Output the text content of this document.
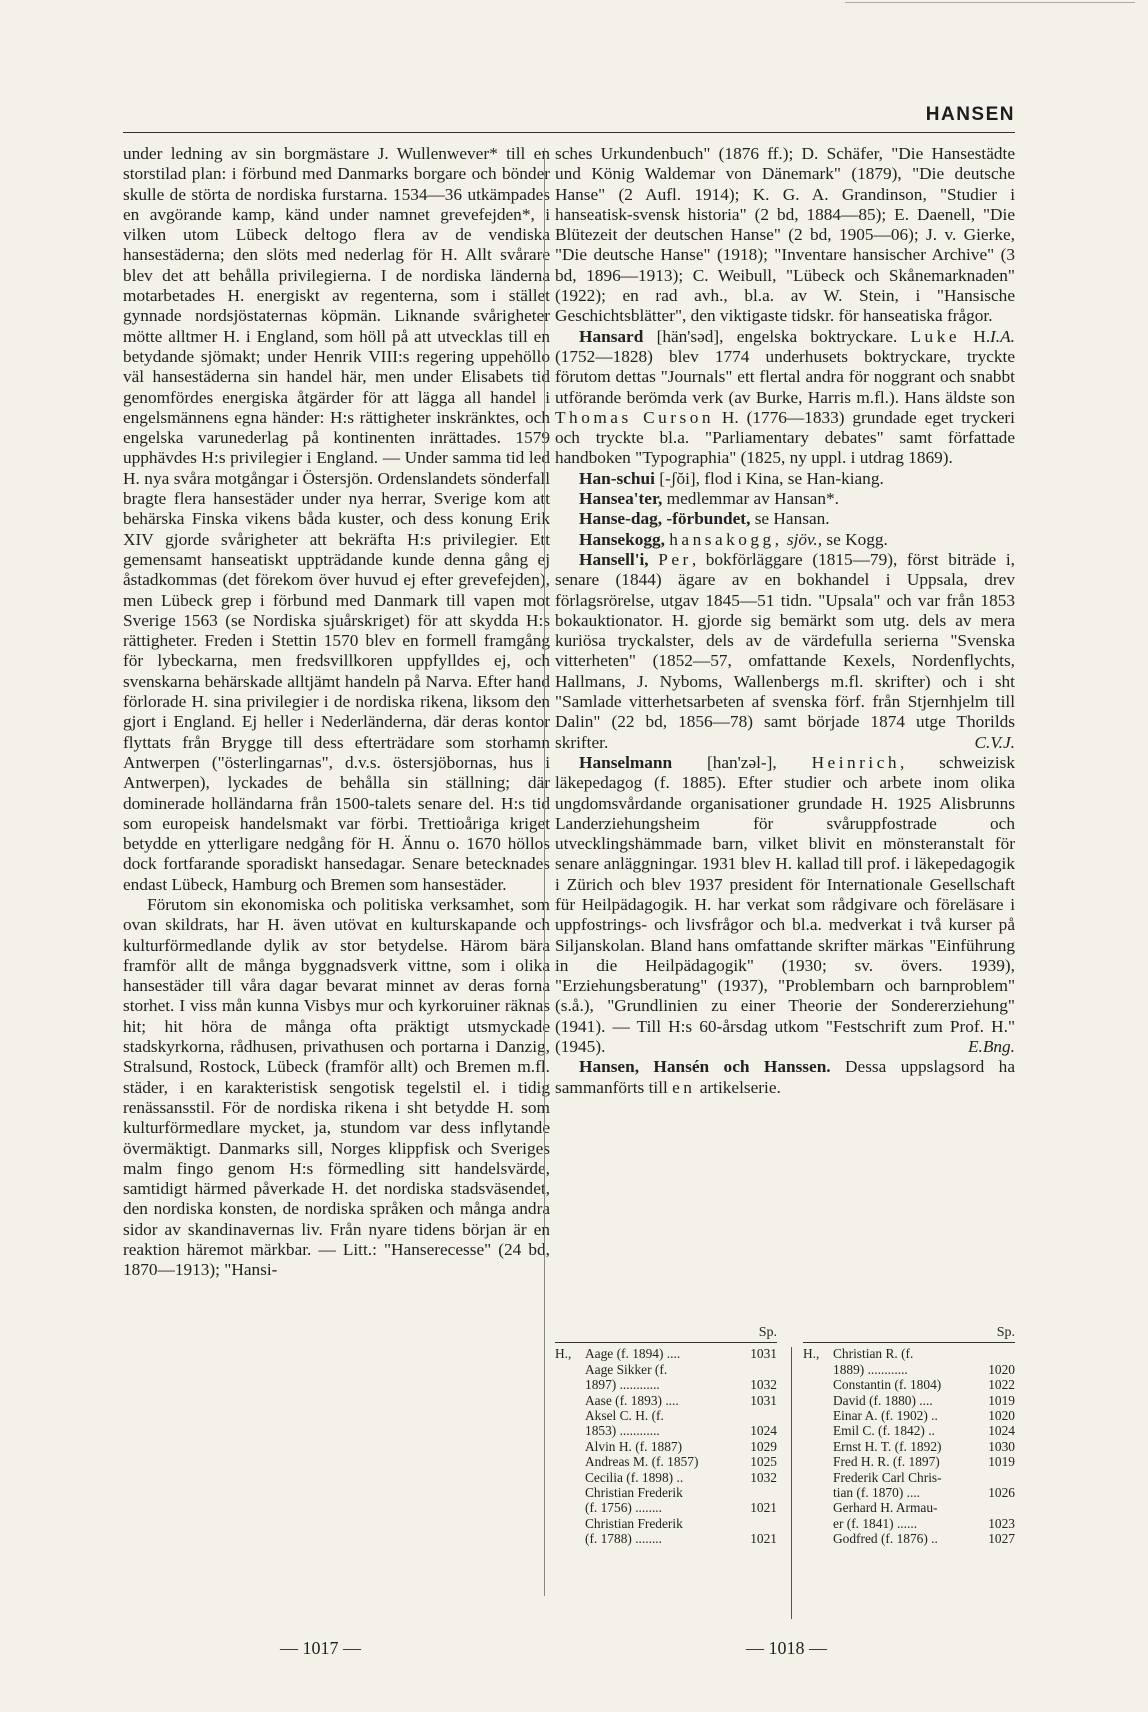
HANSEN

under ledning av sin borgmästare J. Wullenwever* till en storstilad plan: i förbund med Danmarks borgare och bönder skulle de störta de nordiska furstarna. 1534—36 utkämpades en avgörande kamp, känd under namnet grevefejden*, i vilken utom Lübeck deltogo flera av de vendiska hansestäderna; den slöts med nederlag för H. Allt svårare blev det att behålla privilegierna. I de nordiska länderna motarbetades H. energiskt av regenterna, som i stället gynnade nordsjöstaternas köpmän. Liknande svårigheter mötte alltmer H. i England, som höll på att utvecklas till en betydande sjömakt; under Henrik VIII:s regering uppehöllo väl hansestäderna sin handel här, men under Elisabets tid genomfördes energiska åtgärder för att lägga all handel i engelsmännens egna händer: H:s rättigheter inskränktes, och engelska varunederlag på kontinenten inrättades. 1579 upphävdes H:s privilegier i England. — Under samma tid led H. nya svåra motgångar i Östersjön. Ordenslandets sönderfall bragte flera hansestäder under nya herrar, Sverige kom att behärska Finska vikens båda kuster, och dess konung Erik XIV gjorde svårigheter att bekräfta H:s privilegier. Ett gemensamt hanseatiskt uppträdande kunde denna gång ej åstadkommas (det förekom över huvud ej efter grevefejden), men Lübeck grep i förbund med Danmark till vapen mot Sverige 1563 (se Nordiska sjuårskriget) för att skydda H:s rättigheter. Freden i Stettin 1570 blev en formell framgång för lybeckarna, men fredsvillkoren uppfylldes ej, och svenskarna behärskade alltjämt handeln på Narva. Efter hand förlorade H. sina privilegier i de nordiska rikena, liksom den gjort i England. Ej heller i Nederländerna, där deras kontor flyttats från Brygge till dess efterträdare som storhamn Antwerpen ("österlingarnas", d.v.s. östersjöbornas, hus i Antwerpen), lyckades de behålla sin ställning; där dominerade holländarna från 1500-talets senare del. H:s tid som europeisk handelsmakt var förbi. Trettioåriga kriget betydde en ytterligare nedgång för H. Ännu o. 1670 höllos dock fortfarande sporadiskt hansedagar. Senare betecknades endast Lübeck, Hamburg och Bremen som hansestäder.

Förutom sin ekonomiska och politiska verksamhet, som ovan skildrats, har H. även utövat en kulturskapande och kulturförmedlande dylik av stor betydelse. Härom bära framför allt de många byggnadsverk vittne, som i olika hansestäder till våra dagar bevarat minnet av deras forna storhet. I viss mån kunna Visbys mur och kyrkoruiner räknas hit; hit höra de många ofta präktigt utsmyckade stadskyrkorna, rådhusen, privathusen och portarna i Danzig, Stralsund, Rostock, Lübeck (framför allt) och Bremen m.fl. städer, i en karakteristisk sengotisk tegelstil el. i tidig renässansstil. För de nordiska rikena i sht betydde H. som kulturförmedlare mycket, ja, stundom var dess inflytande övermäktigt. Danmarks sill, Norges klippfisk och Sveriges malm fingo genom H:s förmedling sitt handelsvärde, samtidigt härmed påverkade H. det nordiska stadsväsendet, den nordiska konsten, de nordiska språken och många andra sidor av skandinavernas liv. Från nyare tidens början är en reaktion häremot märkbar. — Litt.: "Hanserecesse" (24 bd, 1870—1913); "Hansi-

sches Urkundenbuch" (1876 ff.); D. Schäfer, "Die Hansestädte und König Waldemar von Dänemark" (1879), "Die deutsche Hanse" (2 Aufl. 1914); K. G. A. Grandinson, "Studier i hanseatisk-svensk historia" (2 bd, 1884—85); E. Daenell, "Die Blütezeit der deutschen Hanse" (2 bd, 1905—06); J. v. Gierke, "Die deutsche Hanse" (1918); "Inventare hansischer Archive" (3 bd, 1896—1913); C. Weibull, "Lübeck och Skånemarknaden" (1922); en rad avh., bl.a. av W. Stein, i "Hansische Geschichtsblätter", den viktigaste tidskr. för hanseatiska frågor.
I.A.

Hansard [hän'səd], engelska boktryckare. Luke H. (1752—1828) blev 1774 underhusets boktryckare, tryckte förutom dettas "Journals" ett flertal andra för noggrant och snabbt utförande berömda verk (av Burke, Harris m.fl.). Hans äldste son Thomas Curson H. (1776—1833) grundade eget tryckeri och tryckte bl.a. "Parliamentary debates" samt författade handboken "Typographia" (1825, ny uppl. i utdrag 1869).

Han-schui [-ʃŏi], flod i Kina, se Han-kiang.

Hansea'ter, medlemmar av Hansan*.

Hanse-dag, -förbundet, se Hansan.

Hansekogg, hansakogg, sjöv., se Kogg.

Hansell'i, Per, bokförläggare (1815—79), först biträde i, senare (1844) ägare av en bokhandel i Uppsala, drev förlagsrörelse, utgav 1845—51 tidn. "Upsala" och var från 1853 bokauktionator. H. gjorde sig bemärkt som utg. dels av mera kuriösa tryckalster, dels av de värdefulla serierna "Svenska vitterheten" (1852—57, omfattande Kexels, Nordenflychts, Hallmans, J. Nyboms, Wallenbergs m.fl. skrifter) och i sht "Samlade vitterhetsarbeten af svenska förf. från Stjernhjelm till Dalin" (22 bd, 1856—78) samt började 1874 utge Thorilds skrifter.	C.V.J.

Hanselmann [han'zəl-], Heinrich, schweizisk läkepedagog (f. 1885). Efter studier och arbete inom olika ungdomsvårdande organisationer grundade H. 1925 Alisbrunns Landerziehungsheim för svåruppfostrade och utvecklingshämmade barn, vilket blivit en mönsteranstalt för senare anläggningar. 1931 blev H. kallad till prof. i läkepedagogik i Zürich och blev 1937 president för Internationale Gesellschaft für Heilpädagogik. H. har verkat som rådgivare och föreläsare i uppfostrings- och livsfrågor och bl.a. medverkat i två kurser på Siljanskolan. Bland hans omfattande skrifter märkas "Einführung in die Heilpädagogik" (1930; sv. övers. 1939), "Erziehungsberatung" (1937), "Problembarn och barnproblem" (s.å.), "Grundlinien zu einer Theorie der Sondererziehung" (1941). — Till H:s 60-årsdag utkom "Festschrift zum Prof. H." (1945).	E.Bng.

Hansen, Hansén och Hanssen. Dessa uppslagsord ha sammanförts till en artikelserie.

Sp.
H.,	Aage (f. 1894) ....	1031
Aage Sikker (f.
1897) ............	1032
Aase (f. 1893) ....	1031
Aksel C. H. (f.
1853) ............	1024
Alvin H. (f. 1887)	1029
Andreas M. (f. 1857)	1025
Cecilia (f. 1898) ..	1032
Christian Frederik
(f. 1756) ........	1021
Christian Frederik
(f. 1788) ........	1021
Sp.
H.,	Christian R. (f.
1889) ............	1020
Constantin (f. 1804)	1022
David (f. 1880) ....	1019
Einar A. (f. 1902) ..	1020
Emil C. (f. 1842) ..	1024
Ernst H. T. (f. 1892)	1030
Fred H. R. (f. 1897)	1019
Frederik Carl Chris-
tian (f. 1870) ....	1026
Gerhard H. Armau-
er (f. 1841) ......	1023
Godfred (f. 1876) ..	1027
— 1017 —	— 1018 —
